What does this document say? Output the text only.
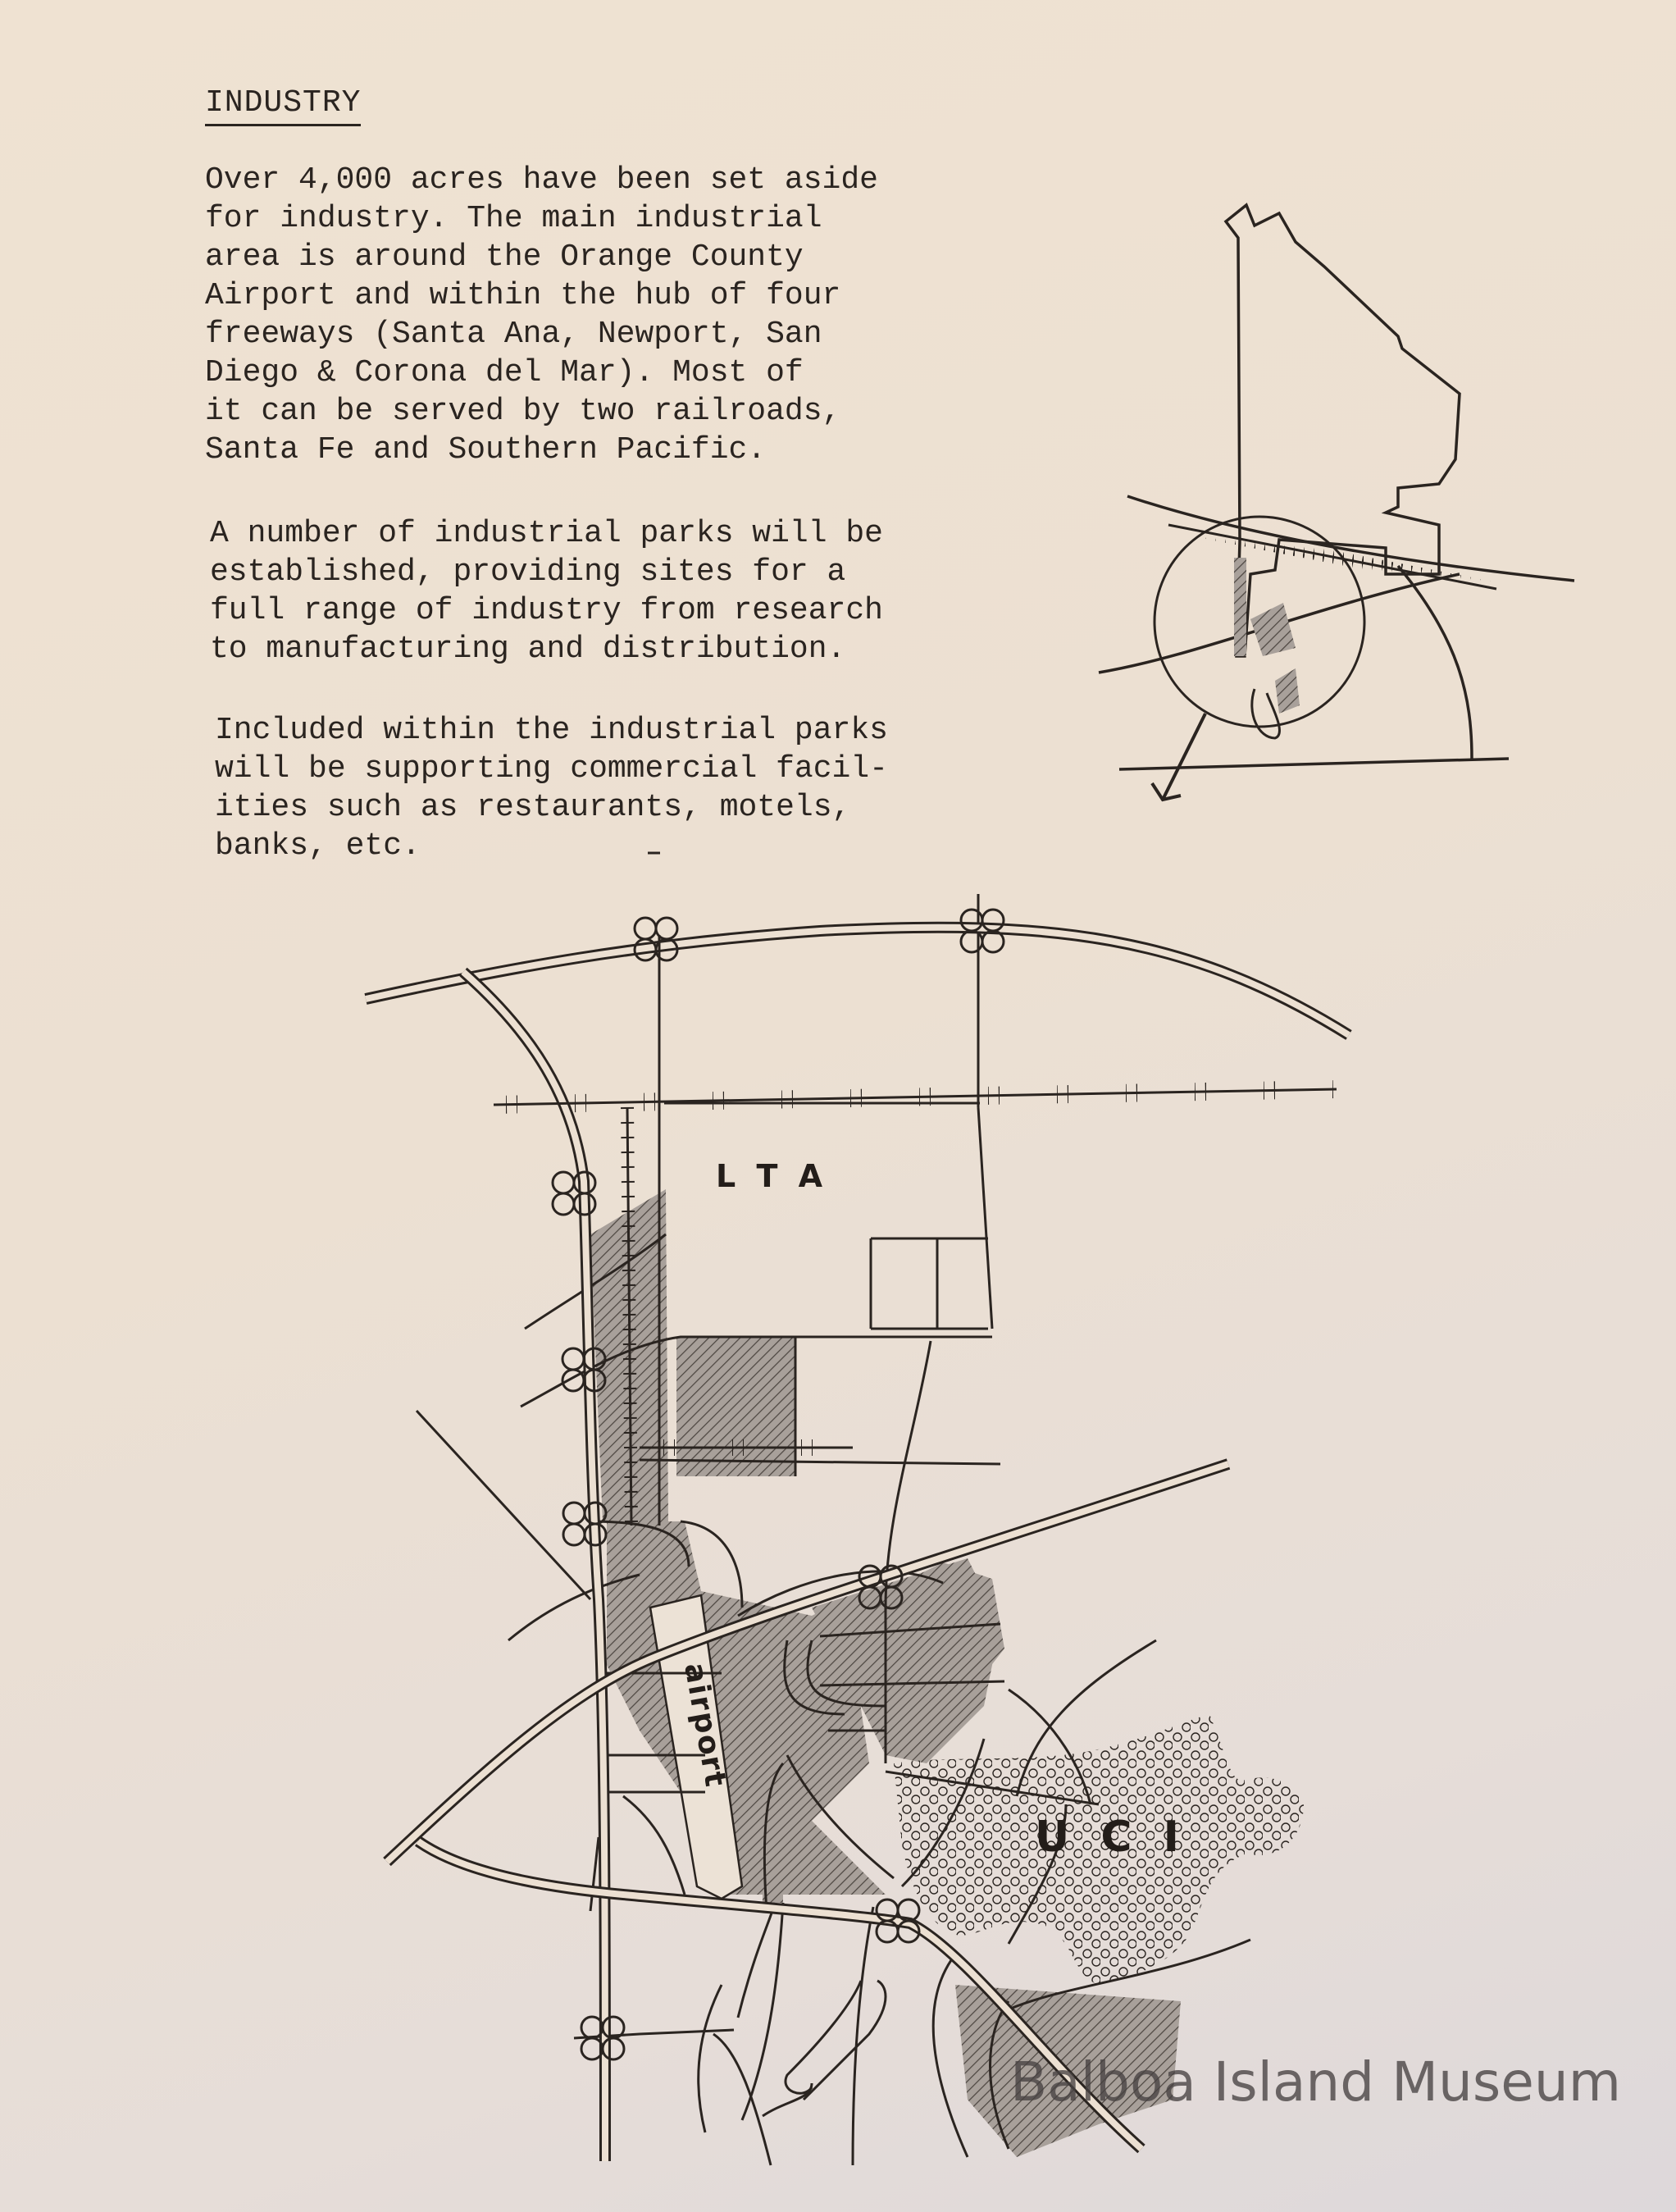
INDUSTRY

Over 4,000 acres have been set aside
for industry. The main industrial
area is around the Orange County
Airport and within the hub of four
freeways (Santa Ana, Newport, San
Diego & Corona del Mar). Most of
it can be served by two railroads,
Santa Fe and Southern Pacific.

A number of industrial parks will be
established, providing sites for a
full range of industry from research
to manufacturing and distribution.

Included within the industrial parks
will be supporting commercial facil-
ities such as restaurants, motels,
banks, etc.

L T A
airport
U C I
Balboa Island Museum
